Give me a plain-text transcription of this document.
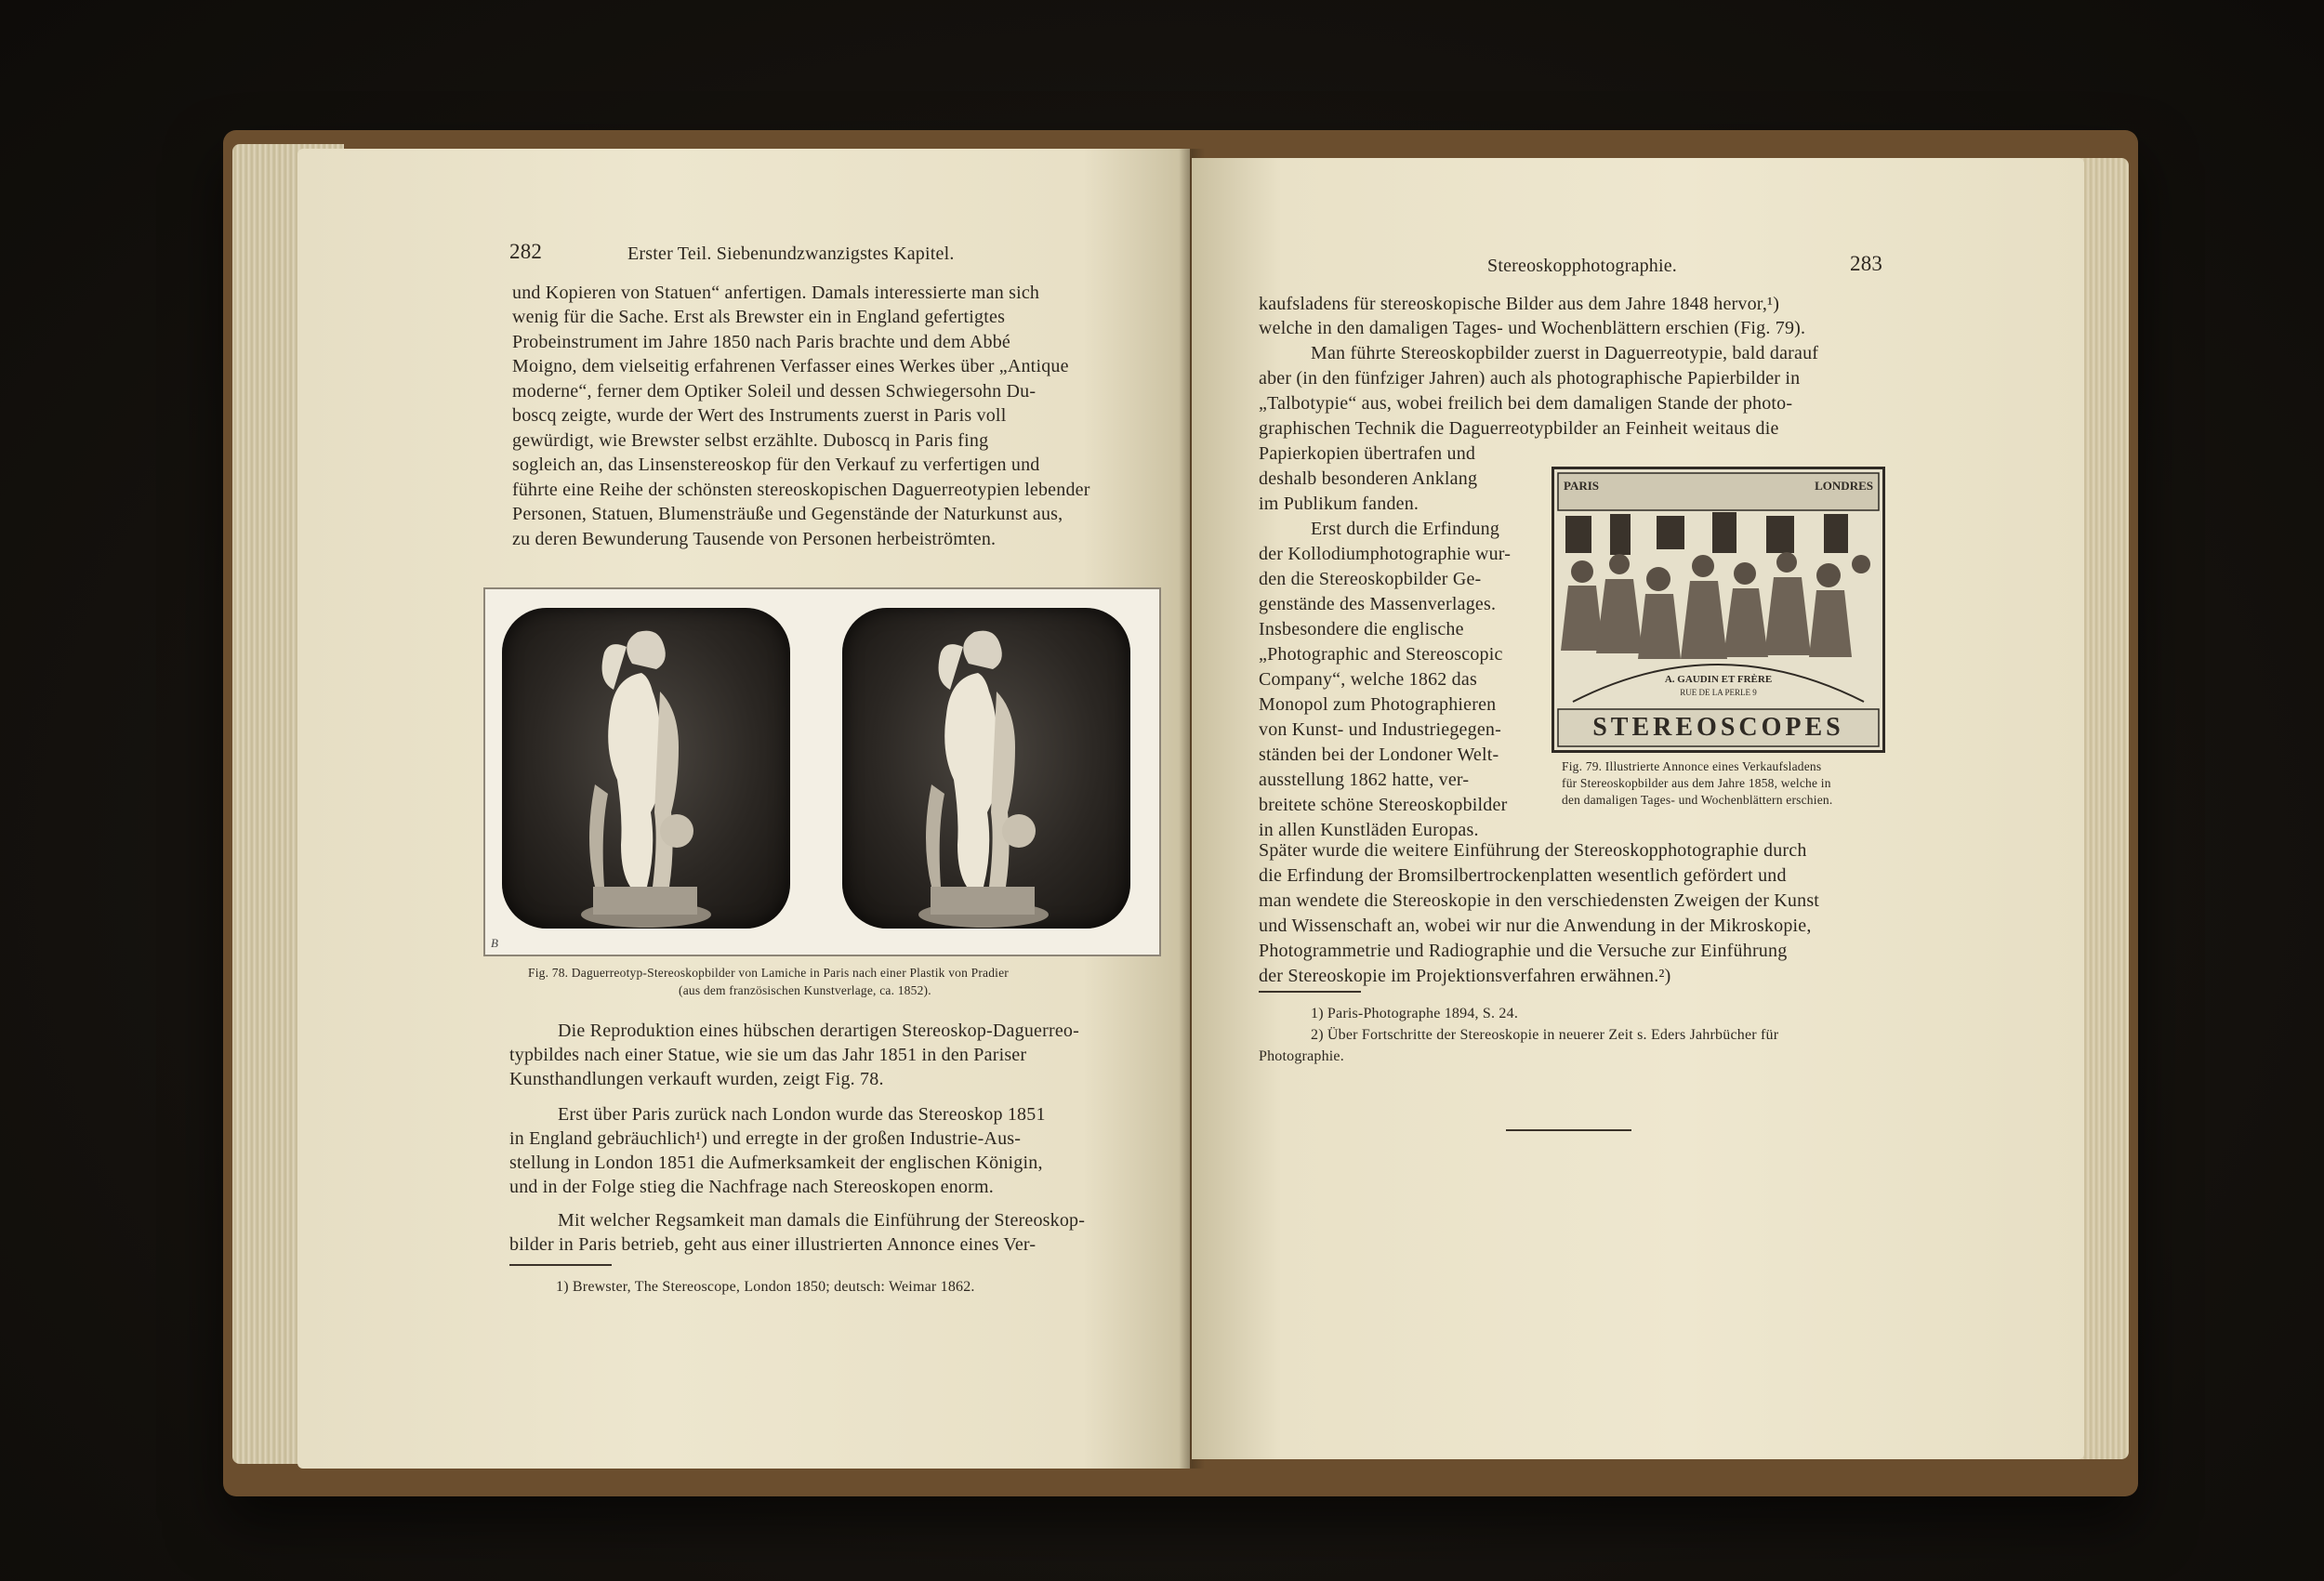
282	Erster Teil. Siebenundzwanzigstes Kapitel.
und Kopieren von Statuen“ anfertigen. Damals interessierte man sich
wenig für die Sache. Erst als Brewster ein in England gefertigtes
Probeinstrument im Jahre 1850 nach Paris brachte und dem Abbé
Moigno, dem vielseitig erfahrenen Verfasser eines Werkes über „Antique
moderne“, ferner dem Optiker Soleil und dessen Schwiegersohn Du-
boscq zeigte, wurde der Wert des Instruments zuerst in Paris voll
gewürdigt, wie Brewster selbst erzählte. Duboscq in Paris fing
sogleich an, das Linsenstereoskop für den Verkauf zu verfertigen und
führte eine Reihe der schönsten stereoskopischen Daguerreotypien lebender
Personen, Statuen, Blumensträuße und Gegenstände der Naturkunst aus,
zu deren Bewunderung Tausende von Personen herbeiströmten.
B
Fig. 78. Daguerreotyp-Stereoskopbilder von Lamiche in Paris nach einer Plastik von Pradier
(aus dem französischen Kunstverlage, ca. 1852).
Die Reproduktion eines hübschen derartigen Stereoskop-Daguerreo-
typbildes nach einer Statue, wie sie um das Jahr 1851 in den Pariser
Kunsthandlungen verkauft wurden, zeigt Fig. 78.
Erst über Paris zurück nach London wurde das Stereoskop 1851
in England gebräuchlich¹) und erregte in der großen Industrie-Aus-
stellung in London 1851 die Aufmerksamkeit der englischen Königin,
und in der Folge stieg die Nachfrage nach Stereoskopen enorm.
Mit welcher Regsamkeit man damals die Einführung der Stereoskop-
bilder in Paris betrieb, geht aus einer illustrierten Annonce eines Ver-
1) Brewster, The Stereoscope, London 1850; deutsch: Weimar 1862.
Stereoskopphotographie.	283
kaufsladens für stereoskopische Bilder aus dem Jahre 1848 hervor,¹)
welche in den damaligen Tages- und Wochenblättern erschien (Fig. 79).
Man führte Stereoskopbilder zuerst in Daguerreotypie, bald darauf
aber (in den fünfziger Jahren) auch als photographische Papierbilder in
„Talbotypie“ aus, wobei freilich bei dem damaligen Stande der photo-
graphischen Technik die Daguerreotypbilder an Feinheit weitaus die
Papierkopien übertrafen und
deshalb besonderen Anklang
im Publikum fanden.
Erst durch die Erfindung
der Kollodiumphotographie wur-
den die Stereoskopbilder Ge-
genstände des Massenverlages.
Insbesondere die englische
„Photographic and Stereoscopic
Company“, welche 1862 das
Monopol zum Photographieren
von Kunst- und Industriegegen-
ständen bei der Londoner Welt-
ausstellung 1862 hatte, ver-
breitete schöne Stereoskopbilder
in allen Kunstläden Europas.
PARIS	LONDRES
A. GAUDIN ET FRÈRE
RUE DE LA PERLE 9
STEREOSCOPES
Fig. 79. Illustrierte Annonce eines Verkaufsladens
für Stereoskopbilder aus dem Jahre 1858, welche in
den damaligen Tages- und Wochenblättern erschien.
Später wurde die weitere Einführung der Stereoskopphotographie durch
die Erfindung der Bromsilbertrockenplatten wesentlich gefördert und
man wendete die Stereoskopie in den verschiedensten Zweigen der Kunst
und Wissenschaft an, wobei wir nur die Anwendung in der Mikroskopie,
Photogrammetrie und Radiographie und die Versuche zur Einführung
der Stereoskopie im Projektionsverfahren erwähnen.²)
1) Paris-Photographe 1894, S. 24.
2) Über Fortschritte der Stereoskopie in neuerer Zeit s. Eders Jahrbücher für
Photographie.
